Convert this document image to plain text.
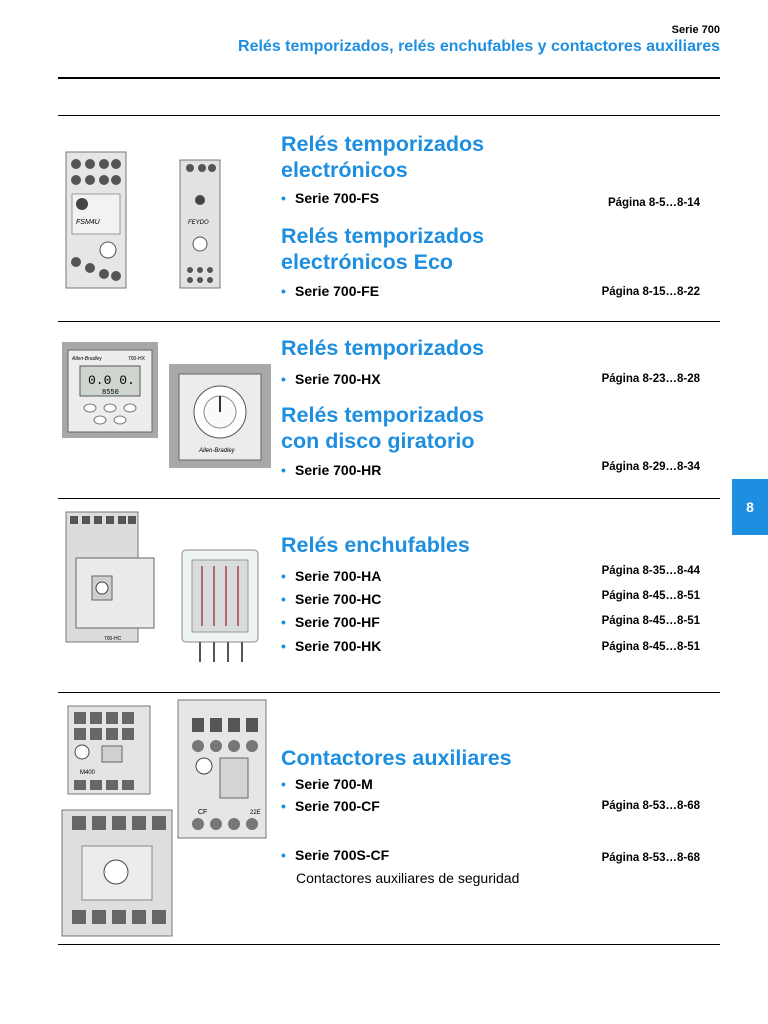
Serie 700
Relés temporizados, relés enchufables y contactores auxiliares
8
FSM4U	FEYDO
Relés temporizados
electrónicos
• Serie 700-FS	Página 8-5…8-14
Relés temporizados
electrónicos Eco
• Serie 700-FE	Página 8-15…8-22
Allen-Bradley	700-HX
0.0 0.
8550
Allen-Bradley
Relés temporizados
• Serie 700-HX	Página 8-23…8-28
Relés temporizados
con disco giratorio
• Serie 700-HR	Página 8-29…8-34
700-HC
Relés enchufables
• Serie 700-HA	Página 8-35…8-44
• Serie 700-HC	Página 8-45…8-51
• Serie 700-HF	Página 8-45…8-51
• Serie 700-HK	Página 8-45…8-51
M400
CF	22E
Contactores auxiliares
• Serie 700-M
• Serie 700-CF	Página 8-53…8-68
• Serie 700S-CF	Página 8-53…8-68
Contactores auxiliares de seguridad
